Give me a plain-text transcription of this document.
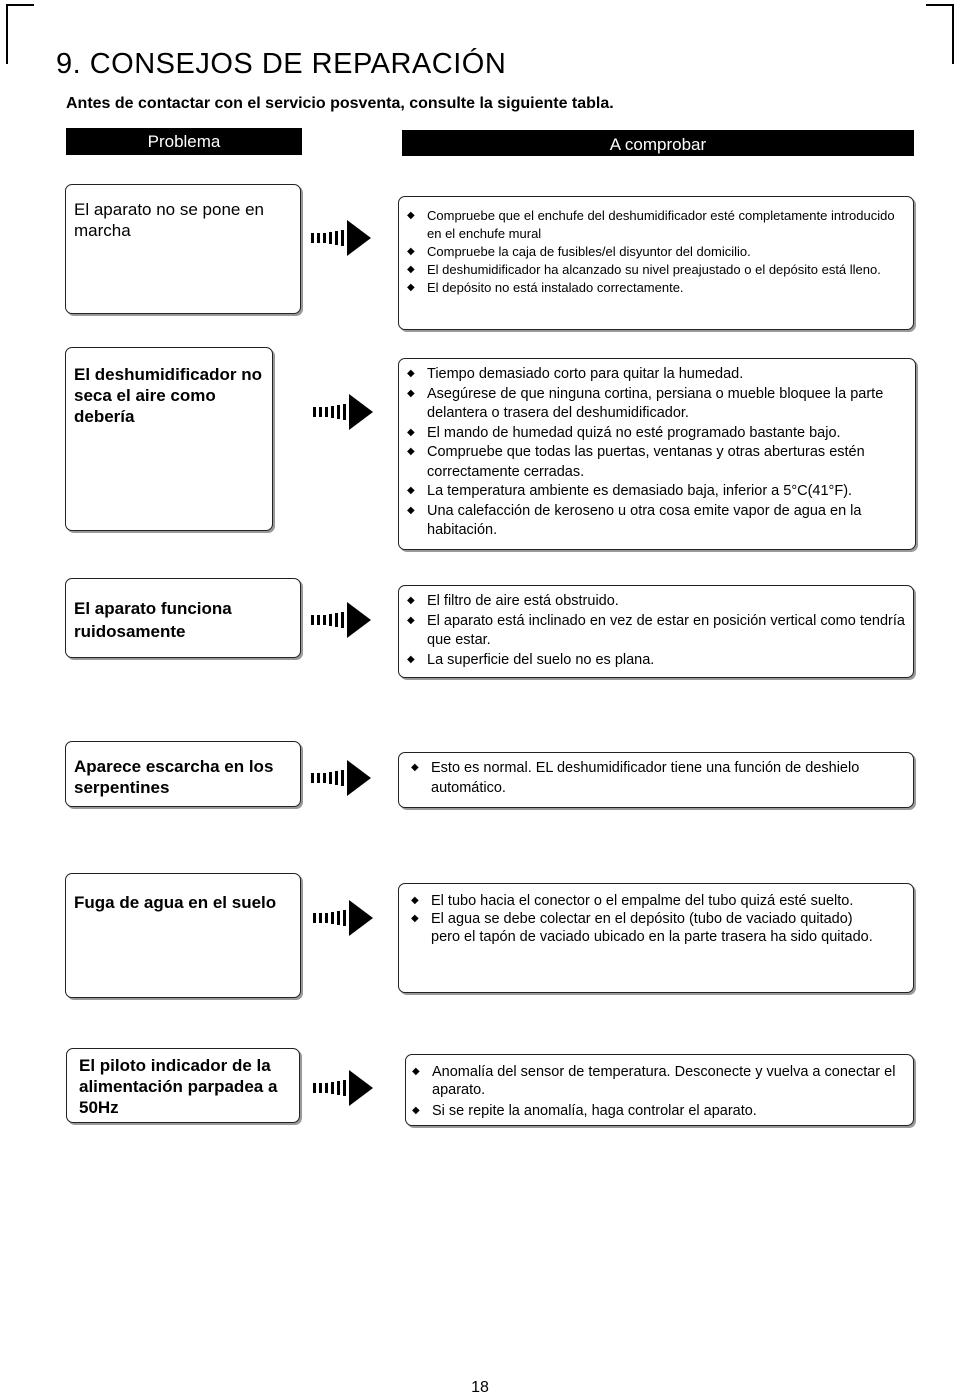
9. CONSEJOS DE REPARACIÓN
Antes de contactar con el servicio posventa, consulte la siguiente tabla.
Problema	A comprobar
El aparato no se pone en marcha
◆ Compruebe que el enchufe del deshumidificador esté completamente introducido en el enchufe mural
◆ Compruebe la caja de fusibles/el disyuntor del domicilio.
◆ El deshumidificador ha alcanzado su nivel preajustado o el depósito está lleno.
◆ El depósito no está instalado correctamente.
El deshumidificador no seca el aire como debería
◆ Tiempo demasiado corto para quitar la humedad.
◆ Asegúrese de que ninguna cortina, persiana o mueble bloquee la parte delantera o trasera del deshumidificador.
◆ El mando de humedad quizá no esté programado bastante bajo.
◆ Compruebe que todas las puertas, ventanas y otras aberturas estén correctamente cerradas.
◆ La temperatura ambiente es demasiado baja, inferior a 5°C(41°F).
◆ Una calefacción de keroseno u otra cosa emite vapor de agua en la habitación.
El aparato funciona ruidosamente
◆ El filtro de aire está obstruido.
◆ El aparato está inclinado en vez de estar en posición vertical como tendría que estar.
◆ La superficie del suelo no es plana.
Aparece escarcha en los serpentines
◆ Esto es normal. EL deshumidificador tiene una función de deshielo automático.
Fuga de agua en el suelo	◆ El tubo hacia el conector o el empalme del tubo quizá esté suelto.
◆ El agua se debe colectar en el depósito (tubo de vaciado quitado) pero el tapón de vaciado ubicado en la parte trasera ha sido quitado.
El piloto indicador de la alimentación parpadea a 50Hz
◆ Anomalía del sensor de temperatura. Desconecte y vuelva a conectar el aparato.
◆ Si se repite la anomalía, haga controlar el aparato.
18
